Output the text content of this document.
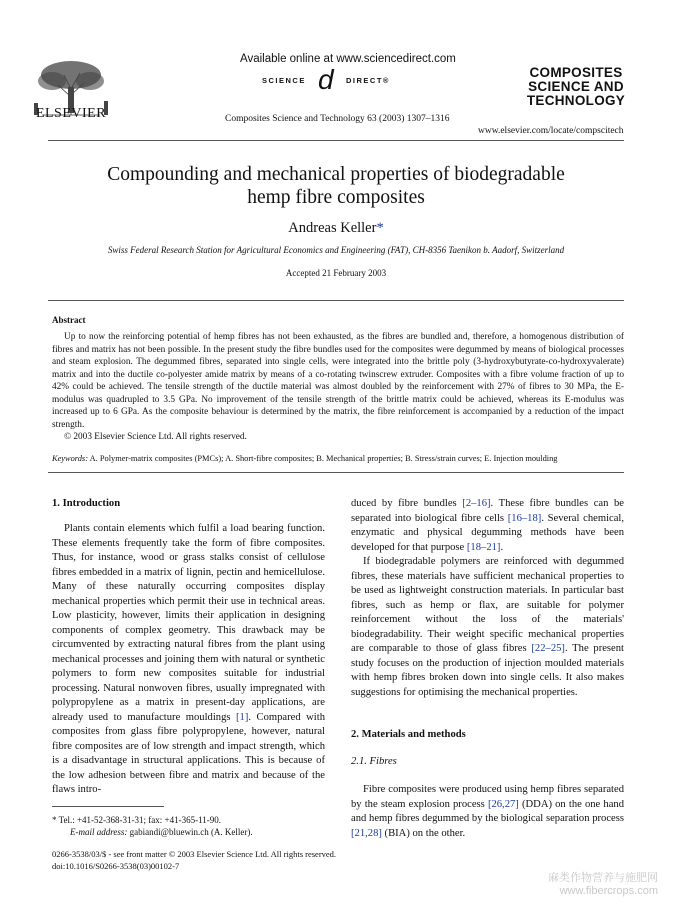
ELSEVIER
Available online at www.sciencedirect.com
SCIENCE d DIRECT®
Composites Science and Technology 63 (2003) 1307–1316
COMPOSITES
SCIENCE AND
TECHNOLOGY
www.elsevier.com/locate/compscitech
Compounding and mechanical properties of biodegradable
hemp fibre composites
Andreas Keller*
Swiss Federal Research Station for Agricultural Economics and Engineering (FAT), CH-8356 Taenikon b. Aadorf, Switzerland
Accepted 21 February 2003
Abstract
Up to now the reinforcing potential of hemp fibres has not been exhausted, as the fibres are bundled and, therefore, a homogenous distribution of fibres and matrix has not been possible. In the present study the fibre bundles used for the composites were degummed by means of biological processes and steam explosion. The degummed fibres, separated into single cells, were integrated into the brittle poly (3-hydroxybutyrate-co-hydroxyvalerate) matrix and into the ductile co-polyester amide matrix by means of a co-rotating twinscrew extruder. Composites with a fibre volume fraction of up to 42% could be achieved. The tensile strength of the ductile material was almost doubled by the reinforcement with 27% of fibres to 30 MPa, the E-modulus was quadrupled to 3.5 GPa. No improvement of the tensile strength of the brittle matrix could be achieved, whereas its E-modulus was increased up to 6 GPa. As the composite behaviour is determined by the matrix, the fibre reinforcement is accompanied by a reduction of the impact strength.
© 2003 Elsevier Science Ltd. All rights reserved.
Keywords: A. Polymer-matrix composites (PMCs); A. Short-fibre composites; B. Mechanical properties; B. Stress/strain curves; E. Injection moulding
1. Introduction

Plants contain elements which fulfil a load bearing function. These elements frequently take the form of fibre composites. Thus, for instance, wood or grass stalks consist of cellulose fibres embedded in a matrix of lignin, pectin and hemicellulose. Many of these naturally occurring composites display mechanical properties which permit their use in technical areas. Low plasticity, however, limits their application in designing components of complex geometry. This drawback may be circumvented by extracting natural fibres from the plant using mechanical processes and joining them with natural or synthetic polymers to form new composites suitable for industrial processing. Natural nonwoven fibres, usually impregnated with polypropylene as a matrix in present-day applications, are already used to manufacture mouldings [1]. Compared with composites from glass fibre polypropylene, however, natural fibre composites are of low strength and impact strength, which is a disadvantage in structural applications. This is because of the low adhesion between fibre and matrix and because of the flaws intro-

duced by fibre bundles [2–16]. These fibre bundles can be separated into biological fibre cells [16–18]. Several chemical, enzymatic and physical degumming methods have been developed for that purpose [18–21].

If biodegradable polymers are reinforced with degummed fibres, these materials have sufficient mechanical properties to be used as lightweight construction materials. In particular bast fibres, such as hemp or flax, are suitable for polymer reinforcement without the loss of the materials' biodegradability. Their weight specific mechanical properties are comparable to those of glass fibres [22–25]. The present study focuses on the production of injection moulded materials with hemp fibres broken down into single cells. It also makes suggestions for optimising the mechanical properties.

2. Materials and methods
2.1. Fibres

Fibre composites were produced using hemp fibres separated by the steam explosion process [26,27] (DDA) on the one hand and hemp fibres degummed by the biological separation process [21,28] (BIA) on the other.

* Tel.: +41-52-368-31-31; fax: +41-365-11-90.
E-mail address: gabiandi@bluewin.ch (A. Keller).
0266-3538/03/$ - see front matter © 2003 Elsevier Science Ltd. All rights reserved.
doi:10.1016/S0266-3538(03)00102-7
麻类作物营养与施肥网
www.fibercrops.com
